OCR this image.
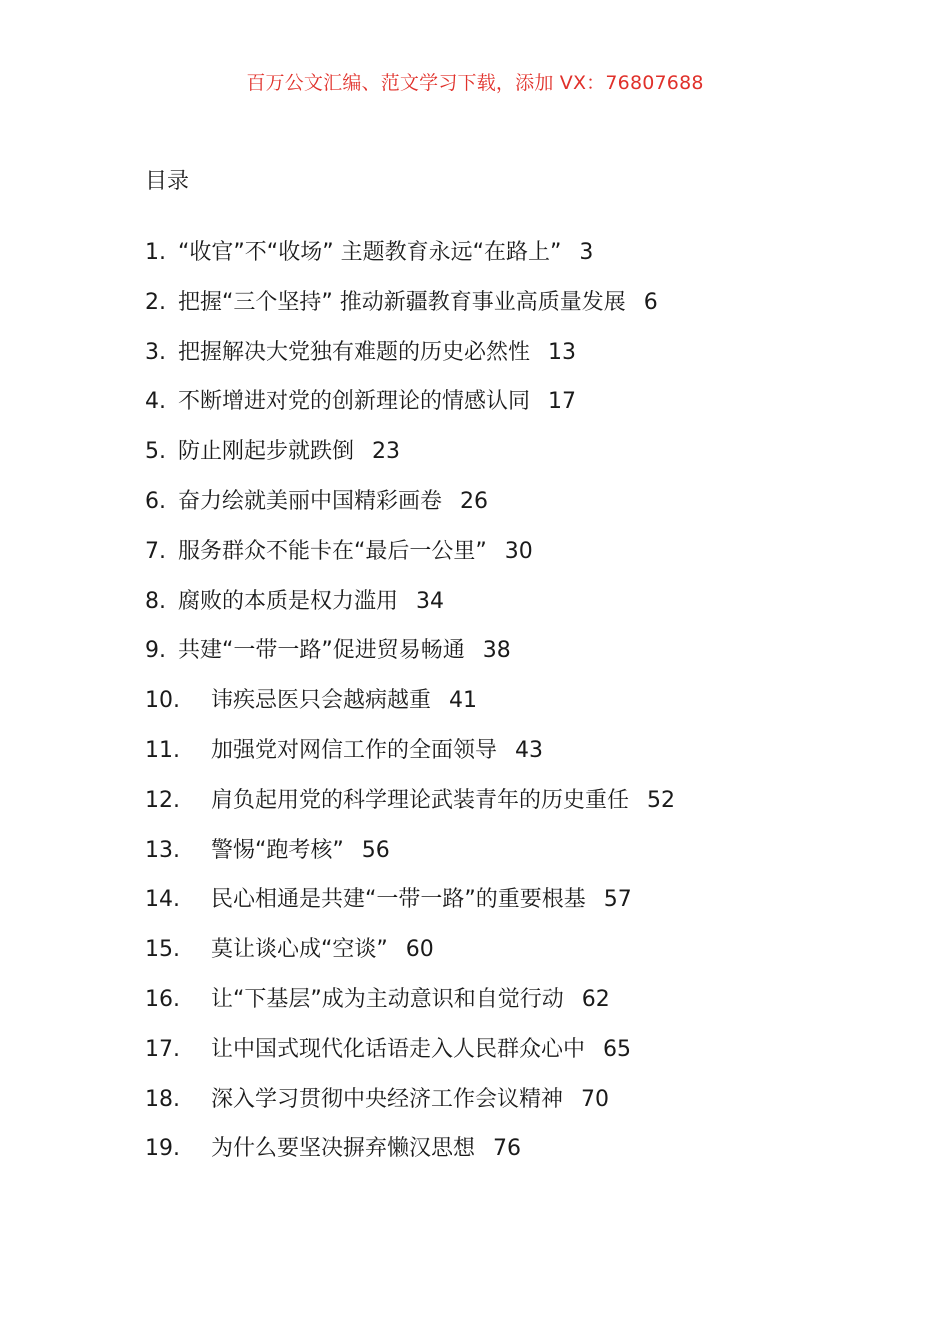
百万公文汇编、范文学习下载，添加 VX：76807688
目录
1. “收官”不“收场” 主题教育永远“在路上” 3
2. 把握“三个坚持” 推动新疆教育事业高质量发展 6
3. 把握解决大党独有难题的历史必然性 13
4. 不断增进对党的创新理论的情感认同 17
5. 防止刚起步就跌倒 23
6. 奋力绘就美丽中国精彩画卷 26
7. 服务群众不能卡在“最后一公里” 30
8. 腐败的本质是权力滥用 34
9. 共建“一带一路”促进贸易畅通 38
10.	讳疾忌医只会越病越重 41
11.	加强党对网信工作的全面领导 43
12.	肩负起用党的科学理论武装青年的历史重任 52
13.	警惕“跑考核” 56
14.	民心相通是共建“一带一路”的重要根基 57
15.	莫让谈心成“空谈” 60
16.	让“下基层”成为主动意识和自觉行动 62
17.	让中国式现代化话语走入人民群众心中 65
18.	深入学习贯彻中央经济工作会议精神 70
19.	为什么要坚决摒弃懒汉思想 76
